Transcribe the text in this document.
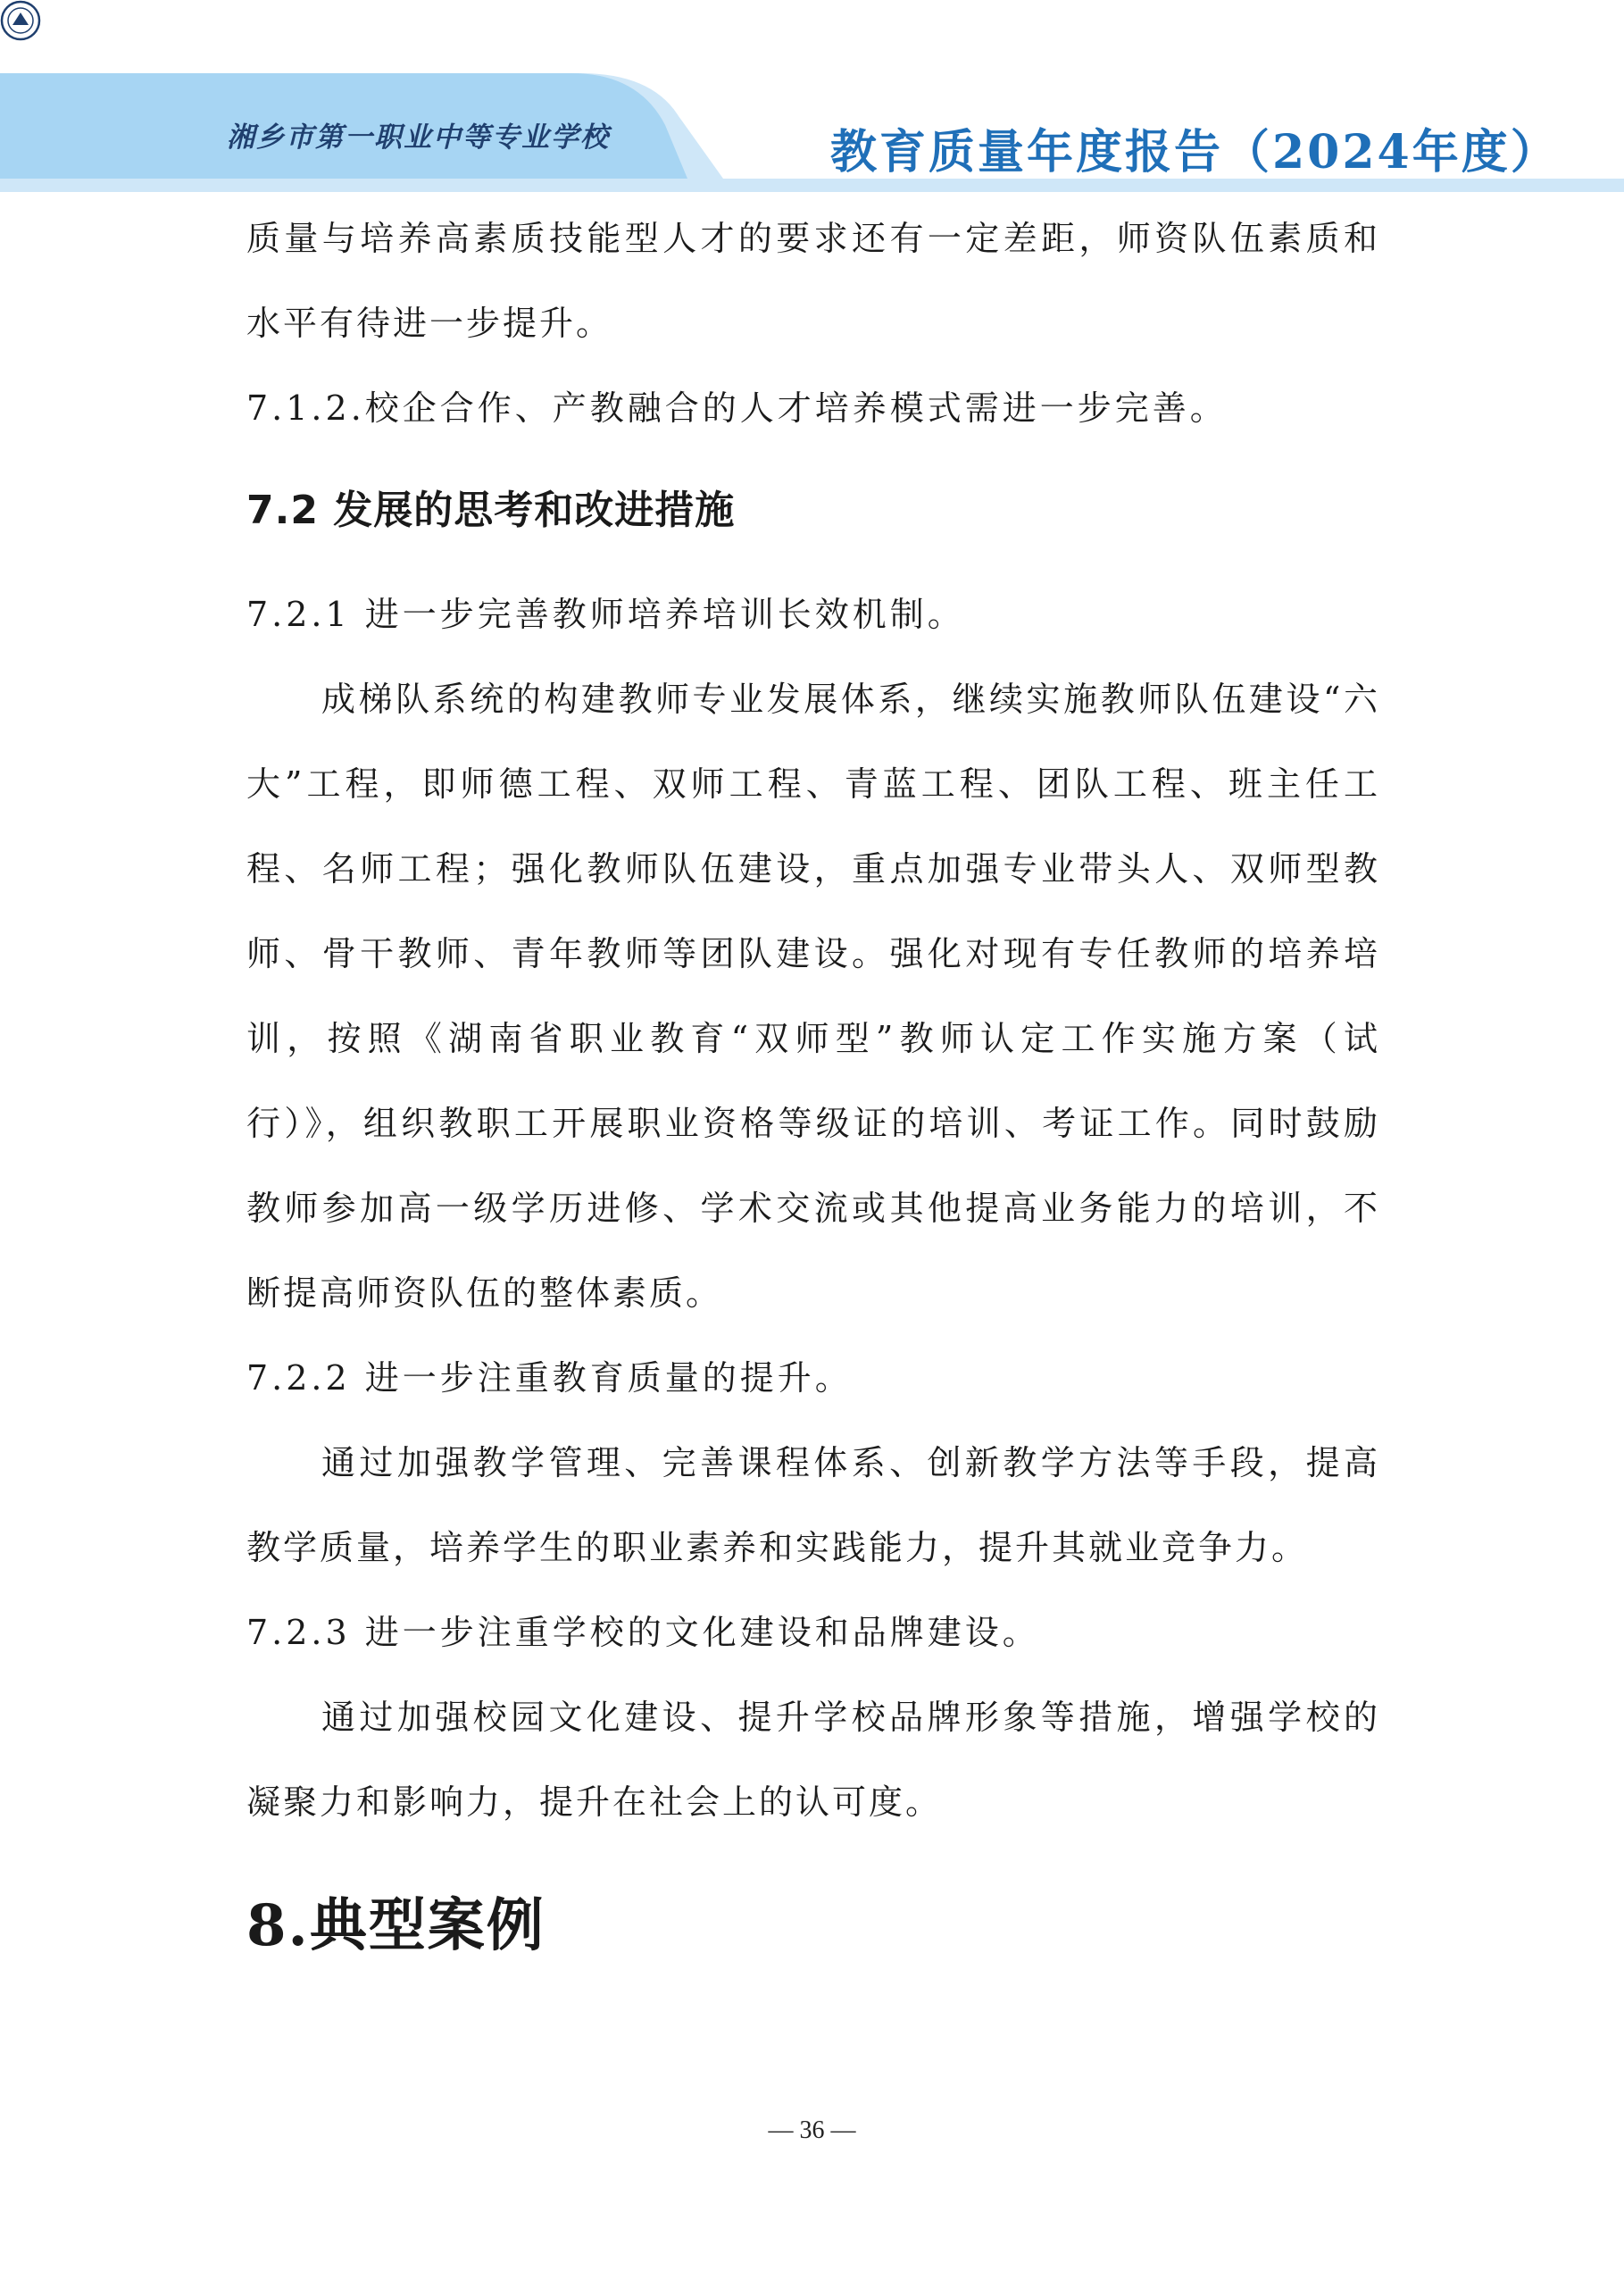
湘乡市第一职业中等专业学校	教育质量年度报告（2024年度）

质量与培养高素质技能型人才的要求还有一定差距，师资队伍素质和水平有待进一步提升。

7.1.2.校企合作、产教融合的人才培养模式需进一步完善。

7.2 发展的思考和改进措施

7.2.1 进一步完善教师培养培训长效机制。

成梯队系统的构建教师专业发展体系，继续实施教师队伍建设“六大”工程，即师德工程、双师工程、青蓝工程、团队工程、班主任工程、名师工程；强化教师队伍建设，重点加强专业带头人、双师型教师、骨干教师、青年教师等团队建设。强化对现有专任教师的培养培训，按照《湖南省职业教育“双师型”教师认定工作实施方案（试行）》，组织教职工开展职业资格等级证的培训、考证工作。同时鼓励教师参加高一级学历进修、学术交流或其他提高业务能力的培训，不断提高师资队伍的整体素质。

7.2.2 进一步注重教育质量的提升。

通过加强教学管理、完善课程体系、创新教学方法等手段，提高教学质量，培养学生的职业素养和实践能力，提升其就业竞争力。

7.2.3 进一步注重学校的文化建设和品牌建设。

通过加强校园文化建设、提升学校品牌形象等措施，增强学校的凝聚力和影响力，提升在社会上的认可度。

8.典型案例
— 36 —
